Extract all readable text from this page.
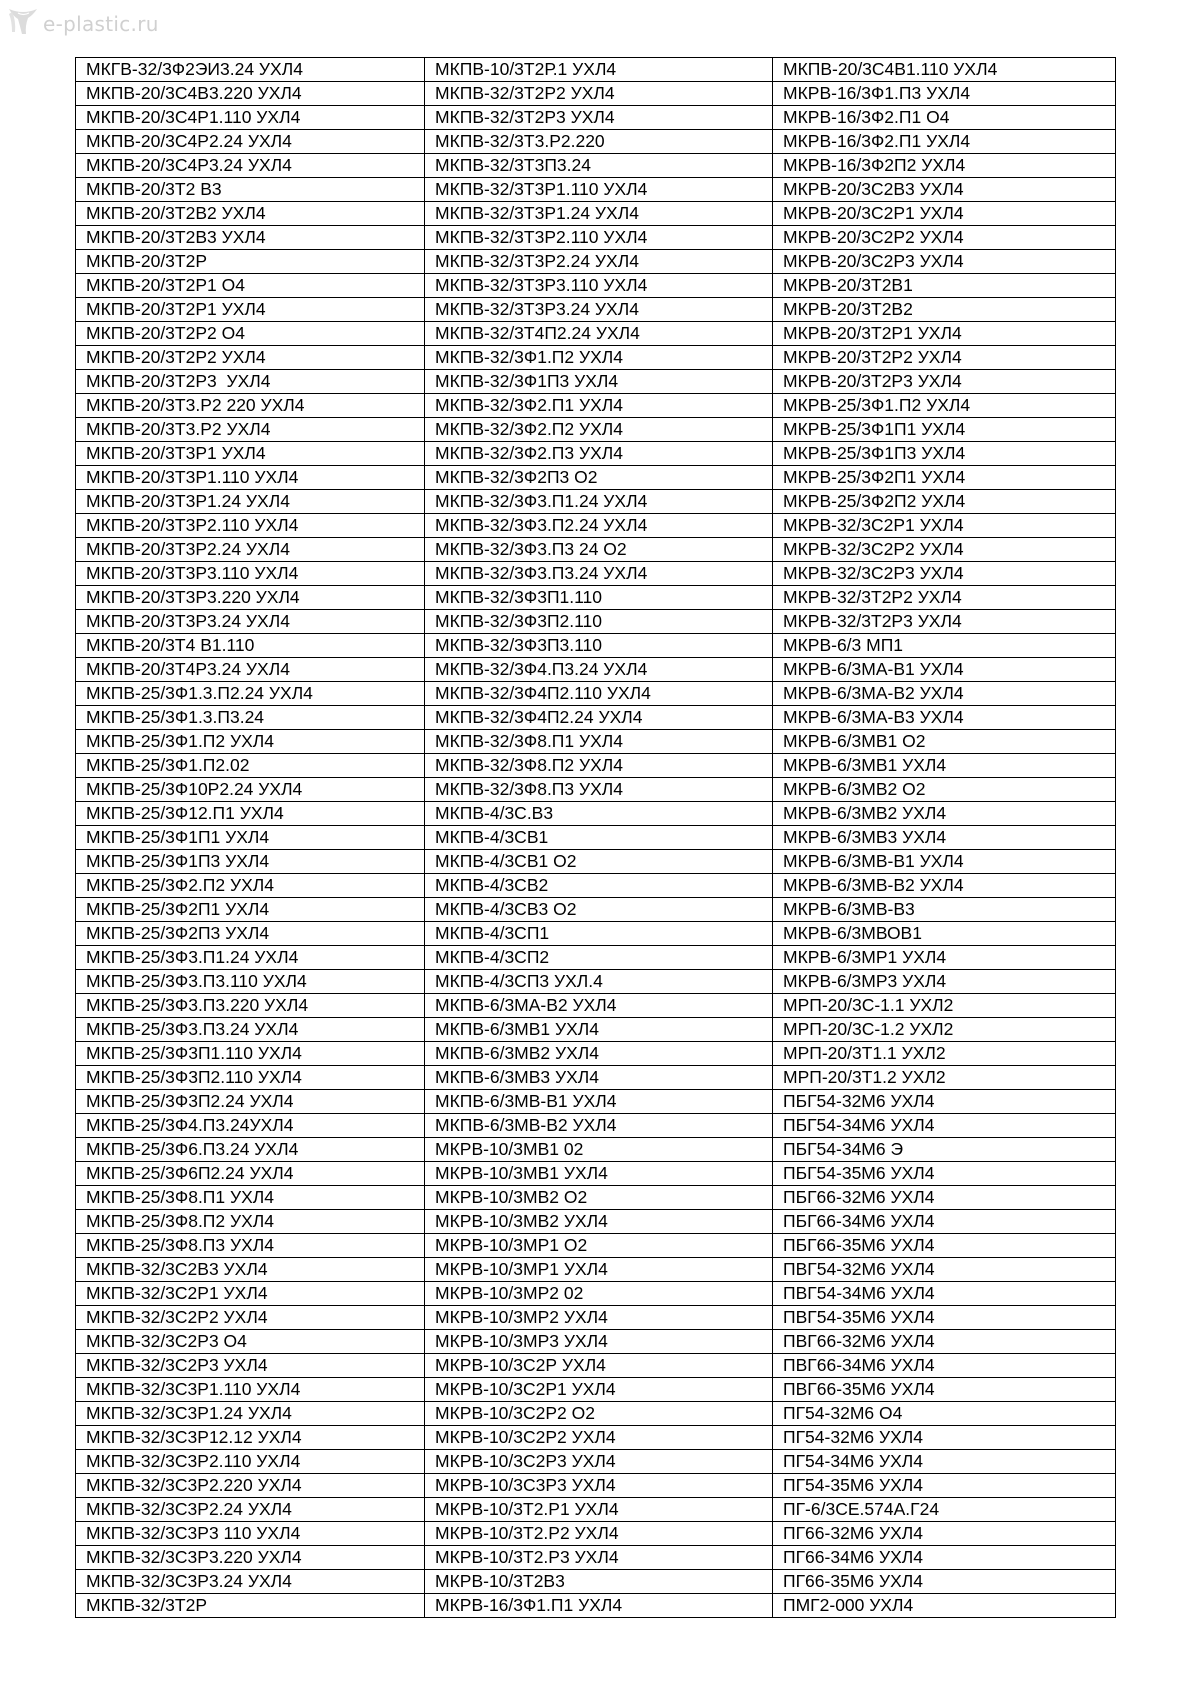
e-plastic.ru
МКГВ-32/3Ф2ЭИ3.24 УХЛ4	МКПВ-10/3Т2Р.1 УХЛ4	МКПВ-20/3С4В1.110 УХЛ4
МКПВ-20/3С4В3.220 УХЛ4	МКПВ-32/3Т2Р2 УХЛ4	МКРВ-16/3Ф1.П3 УХЛ4
МКПВ-20/3С4Р1.110 УХЛ4	МКПВ-32/3Т2Р3 УХЛ4	МКРВ-16/3Ф2.П1 О4
МКПВ-20/3С4Р2.24 УХЛ4	МКПВ-32/3Т3.Р2.220	МКРВ-16/3Ф2.П1 УХЛ4
МКПВ-20/3С4Р3.24 УХЛ4	МКПВ-32/3Т3П3.24	МКРВ-16/3Ф2П2 УХЛ4
МКПВ-20/3Т2 В3	МКПВ-32/3Т3Р1.110 УХЛ4	МКРВ-20/3С2В3 УХЛ4
МКПВ-20/3Т2В2 УХЛ4	МКПВ-32/3Т3Р1.24 УХЛ4	МКРВ-20/3С2Р1 УХЛ4
МКПВ-20/3Т2В3 УХЛ4	МКПВ-32/3Т3Р2.110 УХЛ4	МКРВ-20/3С2Р2 УХЛ4
МКПВ-20/3Т2Р	МКПВ-32/3Т3Р2.24 УХЛ4	МКРВ-20/3С2Р3 УХЛ4
МКПВ-20/3Т2Р1 О4	МКПВ-32/3Т3Р3.110 УХЛ4	МКРВ-20/3Т2В1
МКПВ-20/3Т2Р1 УХЛ4	МКПВ-32/3Т3Р3.24 УХЛ4	МКРВ-20/3Т2В2
МКПВ-20/3Т2Р2 О4	МКПВ-32/3Т4П2.24 УХЛ4	МКРВ-20/3Т2Р1 УХЛ4
МКПВ-20/3Т2Р2 УХЛ4	МКПВ-32/3Ф1.П2 УХЛ4	МКРВ-20/3Т2Р2 УХЛ4
МКПВ-20/3Т2Р3  УХЛ4	МКПВ-32/3Ф1П3 УХЛ4	МКРВ-20/3Т2Р3 УХЛ4
МКПВ-20/3Т3.Р2 220 УХЛ4	МКПВ-32/3Ф2.П1 УХЛ4	МКРВ-25/3Ф1.П2 УХЛ4
МКПВ-20/3Т3.Р2 УХЛ4	МКПВ-32/3Ф2.П2 УХЛ4	МКРВ-25/3Ф1П1 УХЛ4
МКПВ-20/3Т3Р1 УХЛ4	МКПВ-32/3Ф2.П3 УХЛ4	МКРВ-25/3Ф1П3 УХЛ4
МКПВ-20/3Т3Р1.110 УХЛ4	МКПВ-32/3Ф2П3 О2	МКРВ-25/3Ф2П1 УХЛ4
МКПВ-20/3Т3Р1.24 УХЛ4	МКПВ-32/3Ф3.П1.24 УХЛ4	МКРВ-25/3Ф2П2 УХЛ4
МКПВ-20/3Т3Р2.110 УХЛ4	МКПВ-32/3Ф3.П2.24 УХЛ4	МКРВ-32/3С2Р1 УХЛ4
МКПВ-20/3Т3Р2.24 УХЛ4	МКПВ-32/3Ф3.П3 24 О2	МКРВ-32/3С2Р2 УХЛ4
МКПВ-20/3Т3Р3.110 УХЛ4	МКПВ-32/3Ф3.П3.24 УХЛ4	МКРВ-32/3С2Р3 УХЛ4
МКПВ-20/3Т3Р3.220 УХЛ4	МКПВ-32/3Ф3П1.110	МКРВ-32/3Т2Р2 УХЛ4
МКПВ-20/3Т3Р3.24 УХЛ4	МКПВ-32/3Ф3П2.110	МКРВ-32/3Т2Р3 УХЛ4
МКПВ-20/3Т4 В1.110	МКПВ-32/3Ф3П3.110	МКРВ-6/3 МП1
МКПВ-20/3Т4Р3.24 УХЛ4	МКПВ-32/3Ф4.П3.24 УХЛ4	МКРВ-6/3МА-В1 УХЛ4
МКПВ-25/3Ф1.3.П2.24 УХЛ4	МКПВ-32/3Ф4П2.110 УХЛ4	МКРВ-6/3МА-В2 УХЛ4
МКПВ-25/3Ф1.3.П3.24	МКПВ-32/3Ф4П2.24 УХЛ4	МКРВ-6/3МА-В3 УХЛ4
МКПВ-25/3Ф1.П2 УХЛ4	МКПВ-32/3Ф8.П1 УХЛ4	МКРВ-6/3МВ1 О2
МКПВ-25/3Ф1.П2.02	МКПВ-32/3Ф8.П2 УХЛ4	МКРВ-6/3МВ1 УХЛ4
МКПВ-25/3Ф10Р2.24 УХЛ4	МКПВ-32/3Ф8.П3 УХЛ4	МКРВ-6/3МВ2 О2
МКПВ-25/3Ф12.П1 УХЛ4	МКПВ-4/3С.В3	МКРВ-6/3МВ2 УХЛ4
МКПВ-25/3Ф1П1 УХЛ4	МКПВ-4/3СВ1	МКРВ-6/3МВ3 УХЛ4
МКПВ-25/3Ф1П3 УХЛ4	МКПВ-4/3СВ1 О2	МКРВ-6/3МВ-В1 УХЛ4
МКПВ-25/3Ф2.П2 УХЛ4	МКПВ-4/3СВ2	МКРВ-6/3МВ-В2 УХЛ4
МКПВ-25/3Ф2П1 УХЛ4	МКПВ-4/3СВ3 О2	МКРВ-6/3МВ-В3
МКПВ-25/3Ф2П3 УХЛ4	МКПВ-4/3СП1	МКРВ-6/3МВОВ1
МКПВ-25/3Ф3.П1.24 УХЛ4	МКПВ-4/3СП2	МКРВ-6/3МР1 УХЛ4
МКПВ-25/3Ф3.П3.110 УХЛ4	МКПВ-4/3СП3 УХЛ.4	МКРВ-6/3МР3 УХЛ4
МКПВ-25/3Ф3.П3.220 УХЛ4	МКПВ-6/3МА-В2 УХЛ4	МРП-20/3С-1.1 УХЛ2
МКПВ-25/3Ф3.П3.24 УХЛ4	МКПВ-6/3МВ1 УХЛ4	МРП-20/3С-1.2 УХЛ2
МКПВ-25/3Ф3П1.110 УХЛ4	МКПВ-6/3МВ2 УХЛ4	МРП-20/3Т1.1 УХЛ2
МКПВ-25/3Ф3П2.110 УХЛ4	МКПВ-6/3МВ3 УХЛ4	МРП-20/3Т1.2 УХЛ2
МКПВ-25/3Ф3П2.24 УХЛ4	МКПВ-6/3МВ-В1 УХЛ4	ПБГ54-32М6 УХЛ4
МКПВ-25/3Ф4.П3.24УХЛ4	МКПВ-6/3МВ-В2 УХЛ4	ПБГ54-34М6 УХЛ4
МКПВ-25/3Ф6.П3.24 УХЛ4	МКРВ-10/3МВ1 02	ПБГ54-34М6 Э
МКПВ-25/3Ф6П2.24 УХЛ4	МКРВ-10/3МВ1 УХЛ4	ПБГ54-35М6 УХЛ4
МКПВ-25/3Ф8.П1 УХЛ4	МКРВ-10/3МВ2 О2	ПБГ66-32М6 УХЛ4
МКПВ-25/3Ф8.П2 УХЛ4	МКРВ-10/3МВ2 УХЛ4	ПБГ66-34М6 УХЛ4
МКПВ-25/3Ф8.П3 УХЛ4	МКРВ-10/3МР1 О2	ПБГ66-35М6 УХЛ4
МКПВ-32/3С2В3 УХЛ4	МКРВ-10/3МР1 УХЛ4	ПВГ54-32М6 УХЛ4
МКПВ-32/3С2Р1 УХЛ4	МКРВ-10/3МР2 02	ПВГ54-34М6 УХЛ4
МКПВ-32/3С2Р2 УХЛ4	МКРВ-10/3МР2 УХЛ4	ПВГ54-35М6 УХЛ4
МКПВ-32/3С2Р3 О4	МКРВ-10/3МР3 УХЛ4	ПВГ66-32М6 УХЛ4
МКПВ-32/3С2Р3 УХЛ4	МКРВ-10/3С2Р УХЛ4	ПВГ66-34М6 УХЛ4
МКПВ-32/3С3Р1.110 УХЛ4	МКРВ-10/3С2Р1 УХЛ4	ПВГ66-35М6 УХЛ4
МКПВ-32/3С3Р1.24 УХЛ4	МКРВ-10/3С2Р2 О2	ПГ54-32М6 О4
МКПВ-32/3С3Р12.12 УХЛ4	МКРВ-10/3С2Р2 УХЛ4	ПГ54-32М6 УХЛ4
МКПВ-32/3С3Р2.110 УХЛ4	МКРВ-10/3С2Р3 УХЛ4	ПГ54-34М6 УХЛ4
МКПВ-32/3С3Р2.220 УХЛ4	МКРВ-10/3С3Р3 УХЛ4	ПГ54-35М6 УХЛ4
МКПВ-32/3С3Р2.24 УХЛ4	МКРВ-10/3Т2.Р1 УХЛ4	ПГ-6/3СЕ.574А.Г24
МКПВ-32/3С3Р3 110 УХЛ4	МКРВ-10/3Т2.Р2 УХЛ4	ПГ66-32М6 УХЛ4
МКПВ-32/3С3Р3.220 УХЛ4	МКРВ-10/3Т2.Р3 УХЛ4	ПГ66-34М6 УХЛ4
МКПВ-32/3С3Р3.24 УХЛ4	МКРВ-10/3Т2В3	ПГ66-35М6 УХЛ4
МКПВ-32/3Т2Р	МКРВ-16/3Ф1.П1 УХЛ4	ПМГ2-000 УХЛ4
